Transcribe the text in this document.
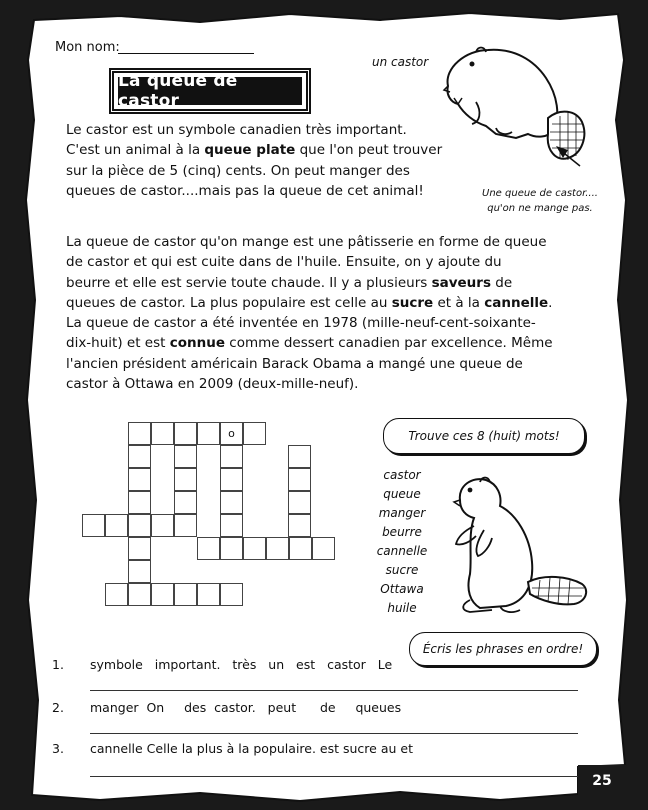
Mon nom:
La queue de castor
un castor
Une queue de castor....
qu'on ne mange pas.
Le castor est un symbole canadien très important.
C'est un animal à la queue plate que l'on peut trouver
sur la pièce de 5 (cinq) cents. On peut manger des
queues de castor....mais pas la queue de cet animal!
La queue de castor qu'on mange est une pâtisserie en forme de queue
de castor et qui est cuite dans de l'huile. Ensuite, on y ajoute du
beurre et elle est servie toute chaude. Il y a plusieurs saveurs de
queues de castor. La plus populaire est celle au sucre et à la cannelle.
La queue de castor a été inventée en 1978 (mille-neuf-cent-soixante-
dix-huit) et est connue comme dessert canadien par excellence. Même
l'ancien président américain Barack Obama a mangé une queue de
castor à Ottawa en 2009 (deux-mille-neuf).
o	Trouve ces 8 (huit) mots!
castor
queue
manger
beurre
cannelle
sucre
Ottawa
huile
Écris les phrases en ordre!
1. symbole   important.   très   un   est   castor   Le
2. manger  On     des  castor.   peut      de     queues
3. cannelle Celle la plus à la populaire. est sucre au et
25
